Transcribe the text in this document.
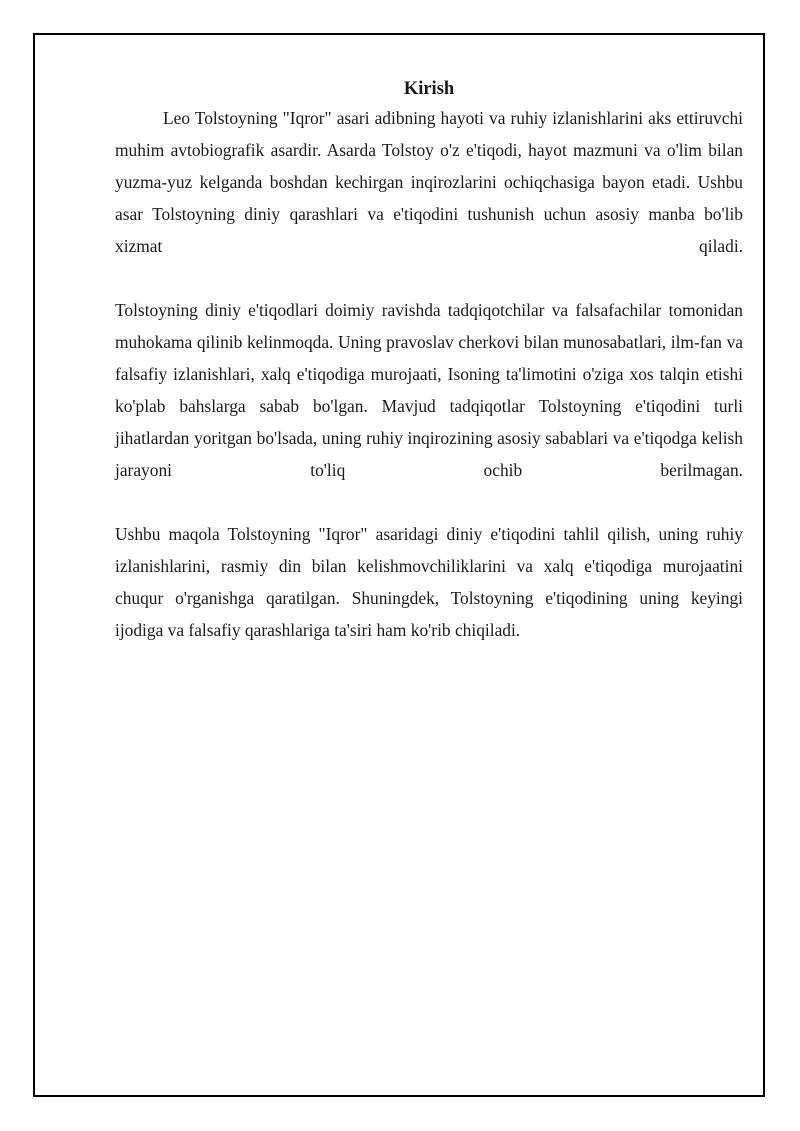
Kirish

Leo Tolstoyning "Iqror" asari adibning hayoti va ruhiy izlanishlarini aks ettiruvchi muhim avtobiografik asardir. Asarda Tolstoy o'z e'tiqodi, hayot mazmuni va o'lim bilan yuzma-yuz kelganda boshdan kechirgan inqirozlarini ochiqchasiga bayon etadi. Ushbu asar Tolstoyning diniy qarashlari va e'tiqodini tushunish uchun asosiy manba bo'lib xizmat qiladi.

Tolstoyning diniy e'tiqodlari doimiy ravishda tadqiqotchilar va falsafachilar tomonidan muhokama qilinib kelinmoqda. Uning pravoslav cherkovi bilan munosabatlari, ilm-fan va falsafiy izlanishlari, xalq e'tiqodiga murojaati, Isoning ta'limotini o'ziga xos talqin etishi ko'plab bahslarga sabab bo'lgan. Mavjud tadqiqotlar Tolstoyning e'tiqodini turli jihatlardan yoritgan bo'lsada, uning ruhiy inqirozining asosiy sabablari va e'tiqodga kelish jarayoni to'liq ochib berilmagan.

Ushbu maqola Tolstoyning "Iqror" asaridagi diniy e'tiqodini tahlil qilish, uning ruhiy izlanishlarini, rasmiy din bilan kelishmovchiliklarini va xalq e'tiqodiga murojaatini chuqur o'rganishga qaratilgan. Shuningdek, Tolstoyning e'tiqodining uning keyingi ijodiga va falsafiy qarashlariga ta'siri ham ko'rib chiqiladi.
